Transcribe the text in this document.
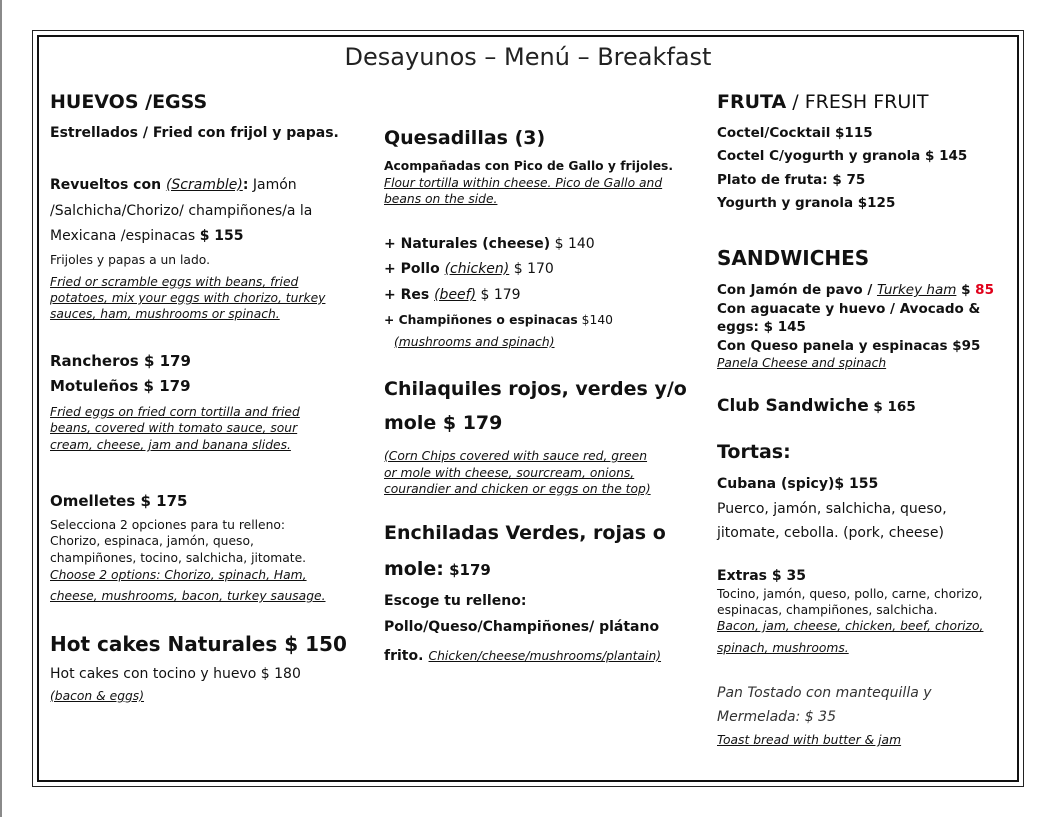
Desayunos – Menú – Breakfast
HUEVOS /EGSS
Estrellados / Fried con frijol y papas.
Revueltos con (Scramble): Jamón
/Salchicha/Chorizo/ champiñones/a la
Mexicana /espinacas $ 155
Frijoles y papas a un lado.
Fried or scramble eggs with beans, fried
potatoes, mix your eggs with chorizo, turkey
sauces, ham, mushrooms or spinach.
Rancheros $ 179
Motuleños $ 179
Fried eggs on fried corn tortilla and fried
beans, covered with tomato sauce, sour
cream, cheese, jam and banana slides.
Omelletes $ 175
Selecciona 2 opciones para tu relleno:
Chorizo, espinaca, jamón, queso,
champiñones, tocino, salchicha, jitomate.
Choose 2 options: Chorizo, spinach, Ham,
cheese, mushrooms, bacon, turkey sausage.
Hot cakes Naturales $ 150
Hot cakes con tocino y huevo $ 180
(bacon & eggs)
Quesadillas (3)
Acompañadas con Pico de Gallo y frijoles.
Flour tortilla within cheese. Pico de Gallo and
beans on the side.
+ Naturales (cheese) $ 140
+ Pollo (chicken) $ 170
+ Res (beef) $ 179
+ Champiñones o espinacas $140
(mushrooms and spinach)
Chilaquiles rojos, verdes y/o
mole $ 179
(Corn Chips covered with sauce red, green
or mole with cheese, sourcream, onions,
courandier and chicken or eggs on the top)
Enchiladas Verdes, rojas o
mole: $179
Escoge tu relleno:
Pollo/Queso/Champiñones/ plátano
frito. Chicken/cheese/mushrooms/plantain)
FRUTA / FRESH FRUIT
Coctel/Cocktail $115
Coctel C/yogurth y granola $ 145
Plato de fruta: $ 75
Yogurth y granola $125
SANDWICHES
Con Jamón de pavo / Turkey ham $ 85
Con aguacate y huevo / Avocado &
eggs: $ 145
Con Queso panela y espinacas $95
Panela Cheese and spinach
Club Sandwiche $ 165
Tortas:
Cubana (spicy)$ 155
Puerco, jamón, salchicha, queso,
jitomate, cebolla. (pork, cheese)
Extras $ 35
Tocino, jamón, queso, pollo, carne, chorizo,
espinacas, champiñones, salchicha.
Bacon, jam, cheese, chicken, beef, chorizo,
spinach, mushrooms.
Pan Tostado con mantequilla y
Mermelada: $ 35
Toast bread with butter & jam
